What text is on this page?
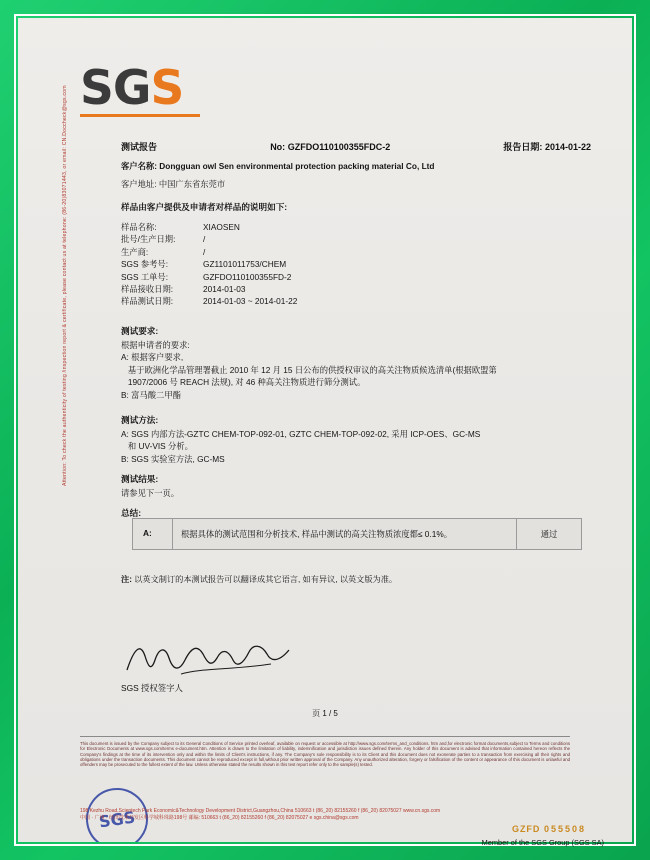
Attention: To check the authenticity of testing /inspection report & certificate, please contact us at telephone: (86-20)83071443, or email: CN.Doccheck@sgs.com SGS
测试报告	No: GZFDO110100355FDC-2	报告日期: 2014-01-22
客户名称: Dongguan owl Sen environmental protection packing material Co, Ltd
客户地址: 中国广东省东莞市
样品由客户提供及申请者对样品的说明如下:
样品名称:	XIAOSEN
批号/生产日期:	/
生产商:	/
SGS 参考号:	GZ1101011753/CHEM
SGS 工单号:	GZFDO110100355FD-2
样品接收日期:	2014-01-03
样品测试日期:	2014-01-03 ~ 2014-01-22
测试要求:
根据申请者的要求:
A: 根据客户要求,
基于欧洲化学品管理署截止 2010 年 12 月 15 日公布的供授权审议的高关注物质候选清单(根据欧盟第
1907/2006 号 REACH 法规), 对 46 种高关注物质进行筛分测试。
B: 富马酸二甲酯
测试方法:
A: SGS 内部方法-GZTC CHEM-TOP-092-01, GZTC CHEM-TOP-092-02, 采用 ICP-OES、GC-MS
和 UV-VIS 分析。
B: SGS 实验室方法, GC-MS
测试结果:
请参见下一页。
总结:
A:	根据具体的测试范围和分析技术, 样品中测试的高关注物质浓度都≤ 0.1%。	通过
注: 以英文制订的本测试报告可以翻译成其它语言, 如有异议, 以英文版为准。
SGS 授权签字人
页 1 / 5
This document is issued by the Company subject to its General Conditions of Service printed overleaf, available on request or accessible at http://www.sgs.com/terms_and_conditions. htm and,for electronic format documents,subject to Terms and conditions for Electronic Documents at www.sgs.com/terms e-document.htm. Attention is drawn to the limitation of liability, indemnification and jurisdiction issues defined therein. Any holder of this document is advised that information contained hereon reflects the Company's findings at the time of its intervention only and within the limits of Client's instructions, if any. The Company's sole responsibility is to its Client and this document does not exonerate parties to a transaction from exercising all their rights and obligations under the transaction documents. This document cannot be reproduced except in full,without prior written approval of the Company. Any unauthorized alteration, forgery or falsification of the content or appearance of this document is unlawful and offenders may be prosecuted to the fullest extent of the law. Unless otherwise stated the results shown in this test report refer only to the sample(s) tested.
SGS
198 Kezhu Road,Scientech Park Economic&Technology Development District,Guangzhou,China 510663 t (86_20) 82155260 f (86_20) 82075027 www.cn.sgs.com
中国 · 广州 · 经济技术开发区科学城科珠路198号 邮编: 510663 t (86_20) 82155260 f (86_20) 82075027 e sgs.china@sgs.com
GZFD 055508
Member of the SGS Group (SGS SA)
